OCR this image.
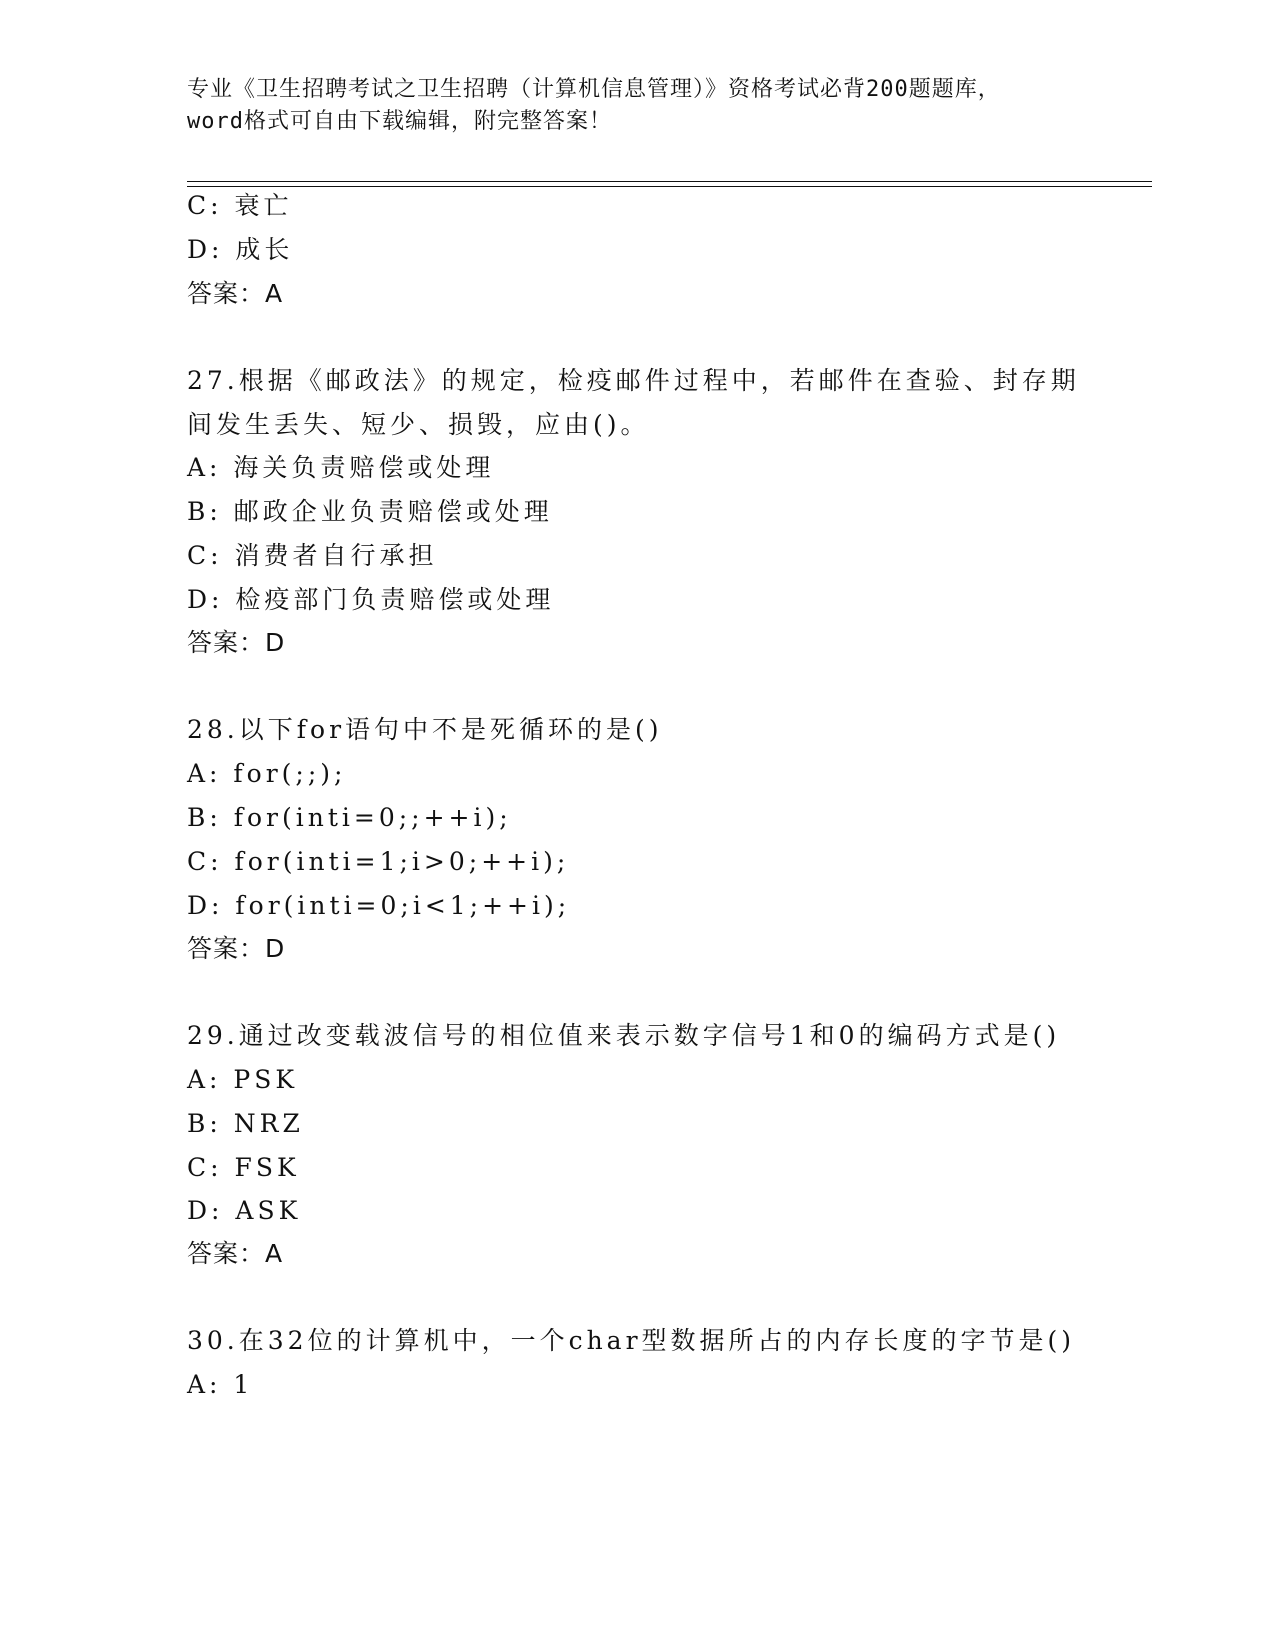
专业《卫生招聘考试之卫生招聘（计算机信息管理）》资格考试必背200题题库，
word格式可自由下载编辑，附完整答案！
C: 衰亡
D: 成长
答案：A
27.根据《邮政法》的规定，检疫邮件过程中，若邮件在查验、封存期
间发生丢失、短少、损毁，应由()。
A: 海关负责赔偿或处理
B: 邮政企业负责赔偿或处理
C: 消费者自行承担
D: 检疫部门负责赔偿或处理
答案：D
28.以下for语句中不是死循环的是()
A: for(;;);
B: for(inti=0;;++i);
C: for(inti=1;i>0;++i);
D: for(inti=0;i<1;++i);
答案：D
29.通过改变载波信号的相位值来表示数字信号1和0的编码方式是()
A: PSK
B: NRZ
C: FSK
D: ASK
答案：A
30.在32位的计算机中，一个char型数据所占的内存长度的字节是()
A: 1
